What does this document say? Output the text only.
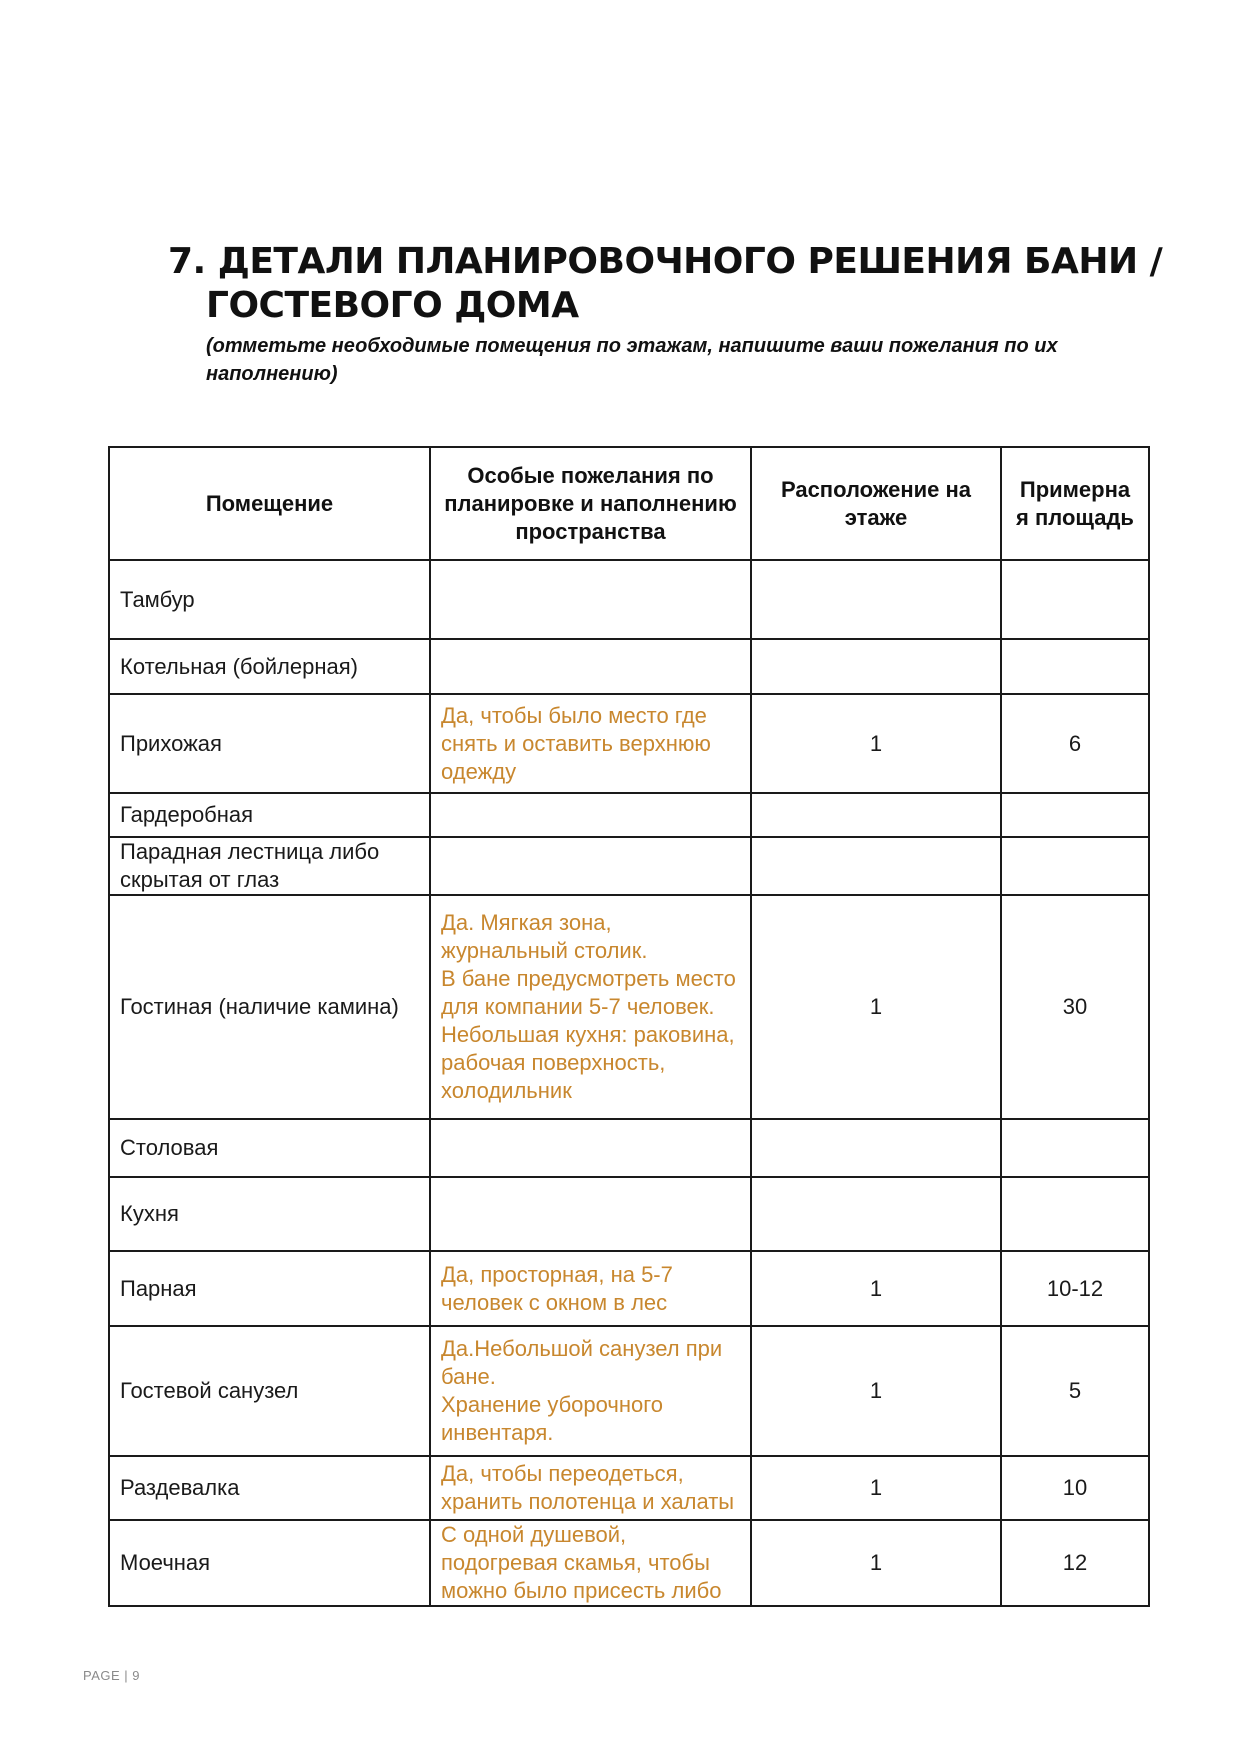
7. ДЕТАЛИ ПЛАНИРОВОЧНОГО РЕШЕНИЯ БАНИ /
ГОСТЕВОГО ДОМА
(отметьте необходимые помещения по этажам, напишите ваши пожелания по их наполнению)
Помещение	Особые пожелания по планировке и наполнению пространства	Расположение на этаже	Примерна я площадь
Тамбур			
Котельная (бойлерная)			
Прихожая	Да, чтобы было место где снять и оставить верхнюю одежду	1	6
Гардеробная			
Парадная лестница либо скрытая от глаз			
Гостиная (наличие камина)	Да. Мягкая зона, журнальный столик.
В бане предусмотреть место для компании 5-7 человек.
Небольшая кухня: раковина, рабочая поверхность, холодильник	1	30
Столовая			
Кухня			
Парная	Да, просторная, на 5-7 человек с окном в лес	1	10-12
Гостевой санузел	Да.Небольшой санузел при бане.
Хранение уборочного инвентаря.	1	5
Раздевалка	Да, чтобы переодеться, хранить полотенца и халаты	1	10
Моечная	С одной душевой, подогревая скамья, чтобы можно было присесть либо	1	12
PAGE | 9
